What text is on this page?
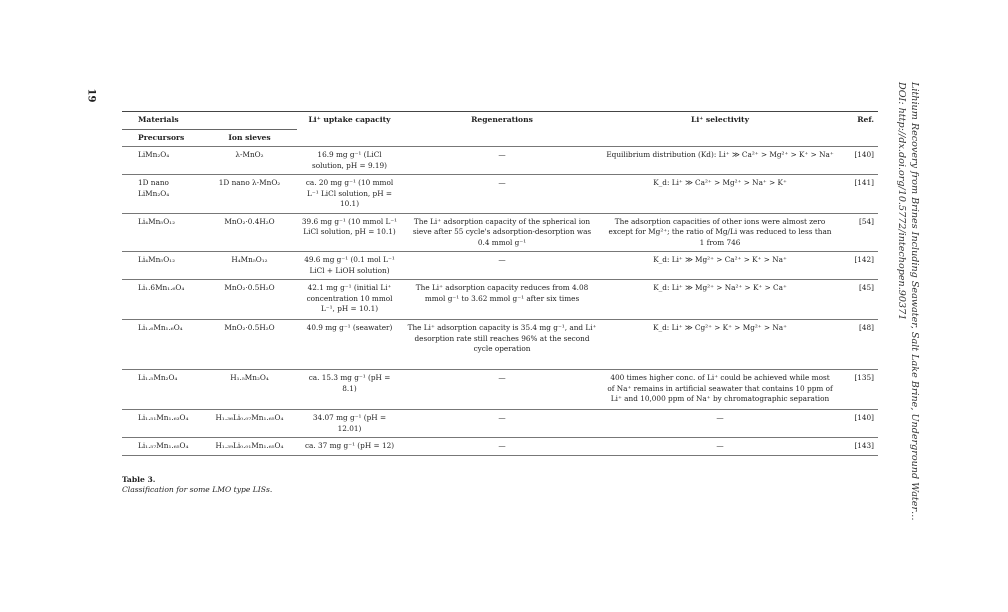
19	Lithium Recovery from Brines Including Seawater, Salt Lake Brine, Underground Water…
DOI: http://dx.doi.org/10.5772/intechopen.90371
Materials		Li⁺ uptake capacity	Regenerations	Li⁺ selectivity	Ref.
Precursors	Ion sieves				
LiMn₂O₄	λ-MnO₂	16.9 mg g⁻¹ (LiCl solution, pH = 9.19)	—	Equilibrium distribution (Kd): Li⁺ ≫ Ca²⁺ > Mg²⁺ > K⁺ > Na⁺	[140]
1D nano LiMn₂O₄	1D nano λ-MnO₂	ca. 20 mg g⁻¹ (10 mmol L⁻¹ LiCl solution, pH = 10.1)	—	K_d: Li⁺ ≫ Ca²⁺ > Mg²⁺ > Na⁺ > K⁺	[141]
Li₄Mn₅O₁₂	MnO₂·0.4H₂O	39.6 mg g⁻¹ (10 mmol L⁻¹ LiCl solution, pH = 10.1)	The Li⁺ adsorption capacity of the spherical ion sieve after 55 cycle's adsorption-desorption was 0.4 mmol g⁻¹	The adsorption capacities of other ions were almost zero except for Mg²⁺; the ratio of Mg/Li was reduced to less than 1 from 746	[54]
Li₄Mn₅O₁₂	H₄Mn₅O₁₂	49.6 mg g⁻¹ (0.1 mol L⁻¹ LiCl + LiOH solution)	—	K_d: Li⁺ ≫ Mg²⁺ > Ca²⁺ > K⁺ > Na⁺	[142]
Li₁.6Mn₁.₆O₄	MnO₂·0.5H₂O	42.1 mg g⁻¹ (initial Li⁺ concentration 10 mmol L⁻¹, pH = 10.1)	The Li⁺ adsorption capacity reduces from 4.08 mmol g⁻¹ to 3.62 mmol g⁻¹ after six times	K_d: Li⁺ ≫ Mg²⁺ > Na²⁺ > K⁺ > Ca⁺	[45]
Li₁.₆Mn₁.₆O₄	MnO₂·0.5H₂O	40.9 mg g⁻¹ (seawater)	The Li⁺ adsorption capacity is 35.4 mg g⁻¹, and Li⁺ desorption rate still reaches 96% at the second cycle operation	K_d: Li⁺ ≫ Cg²⁺ > K⁺ > Mg²⁺ > Na⁺	[48]
Li₁.₅Mn₂O₄	H₁.₅Mn₂O₄	ca. 15.3 mg g⁻¹ (pH = 8.1)	—	400 times higher conc. of Li⁺ could be achieved while most of Na⁺ remains in artificial seawater that contains 10 ppm of Li⁺ and 10,000 ppm of Na⁺ by chromatographic separation	[135]
Li₁.₅₁Mn₁.₆₃O₄	H₁.₃₆Li₀.₀₇Mn₁.₆₅O₄	34.07 mg g⁻¹ (pH = 12.01)	—	—	[140]
Li₁.₅₇Mn₁.₆₅O₄	H₁.₃₉Li₀.₀₁Mn₁.₆₅O₄	ca. 37 mg g⁻¹ (pH = 12)	—	—	[143]
Table 3.
Classification for some LMO type LISs.
